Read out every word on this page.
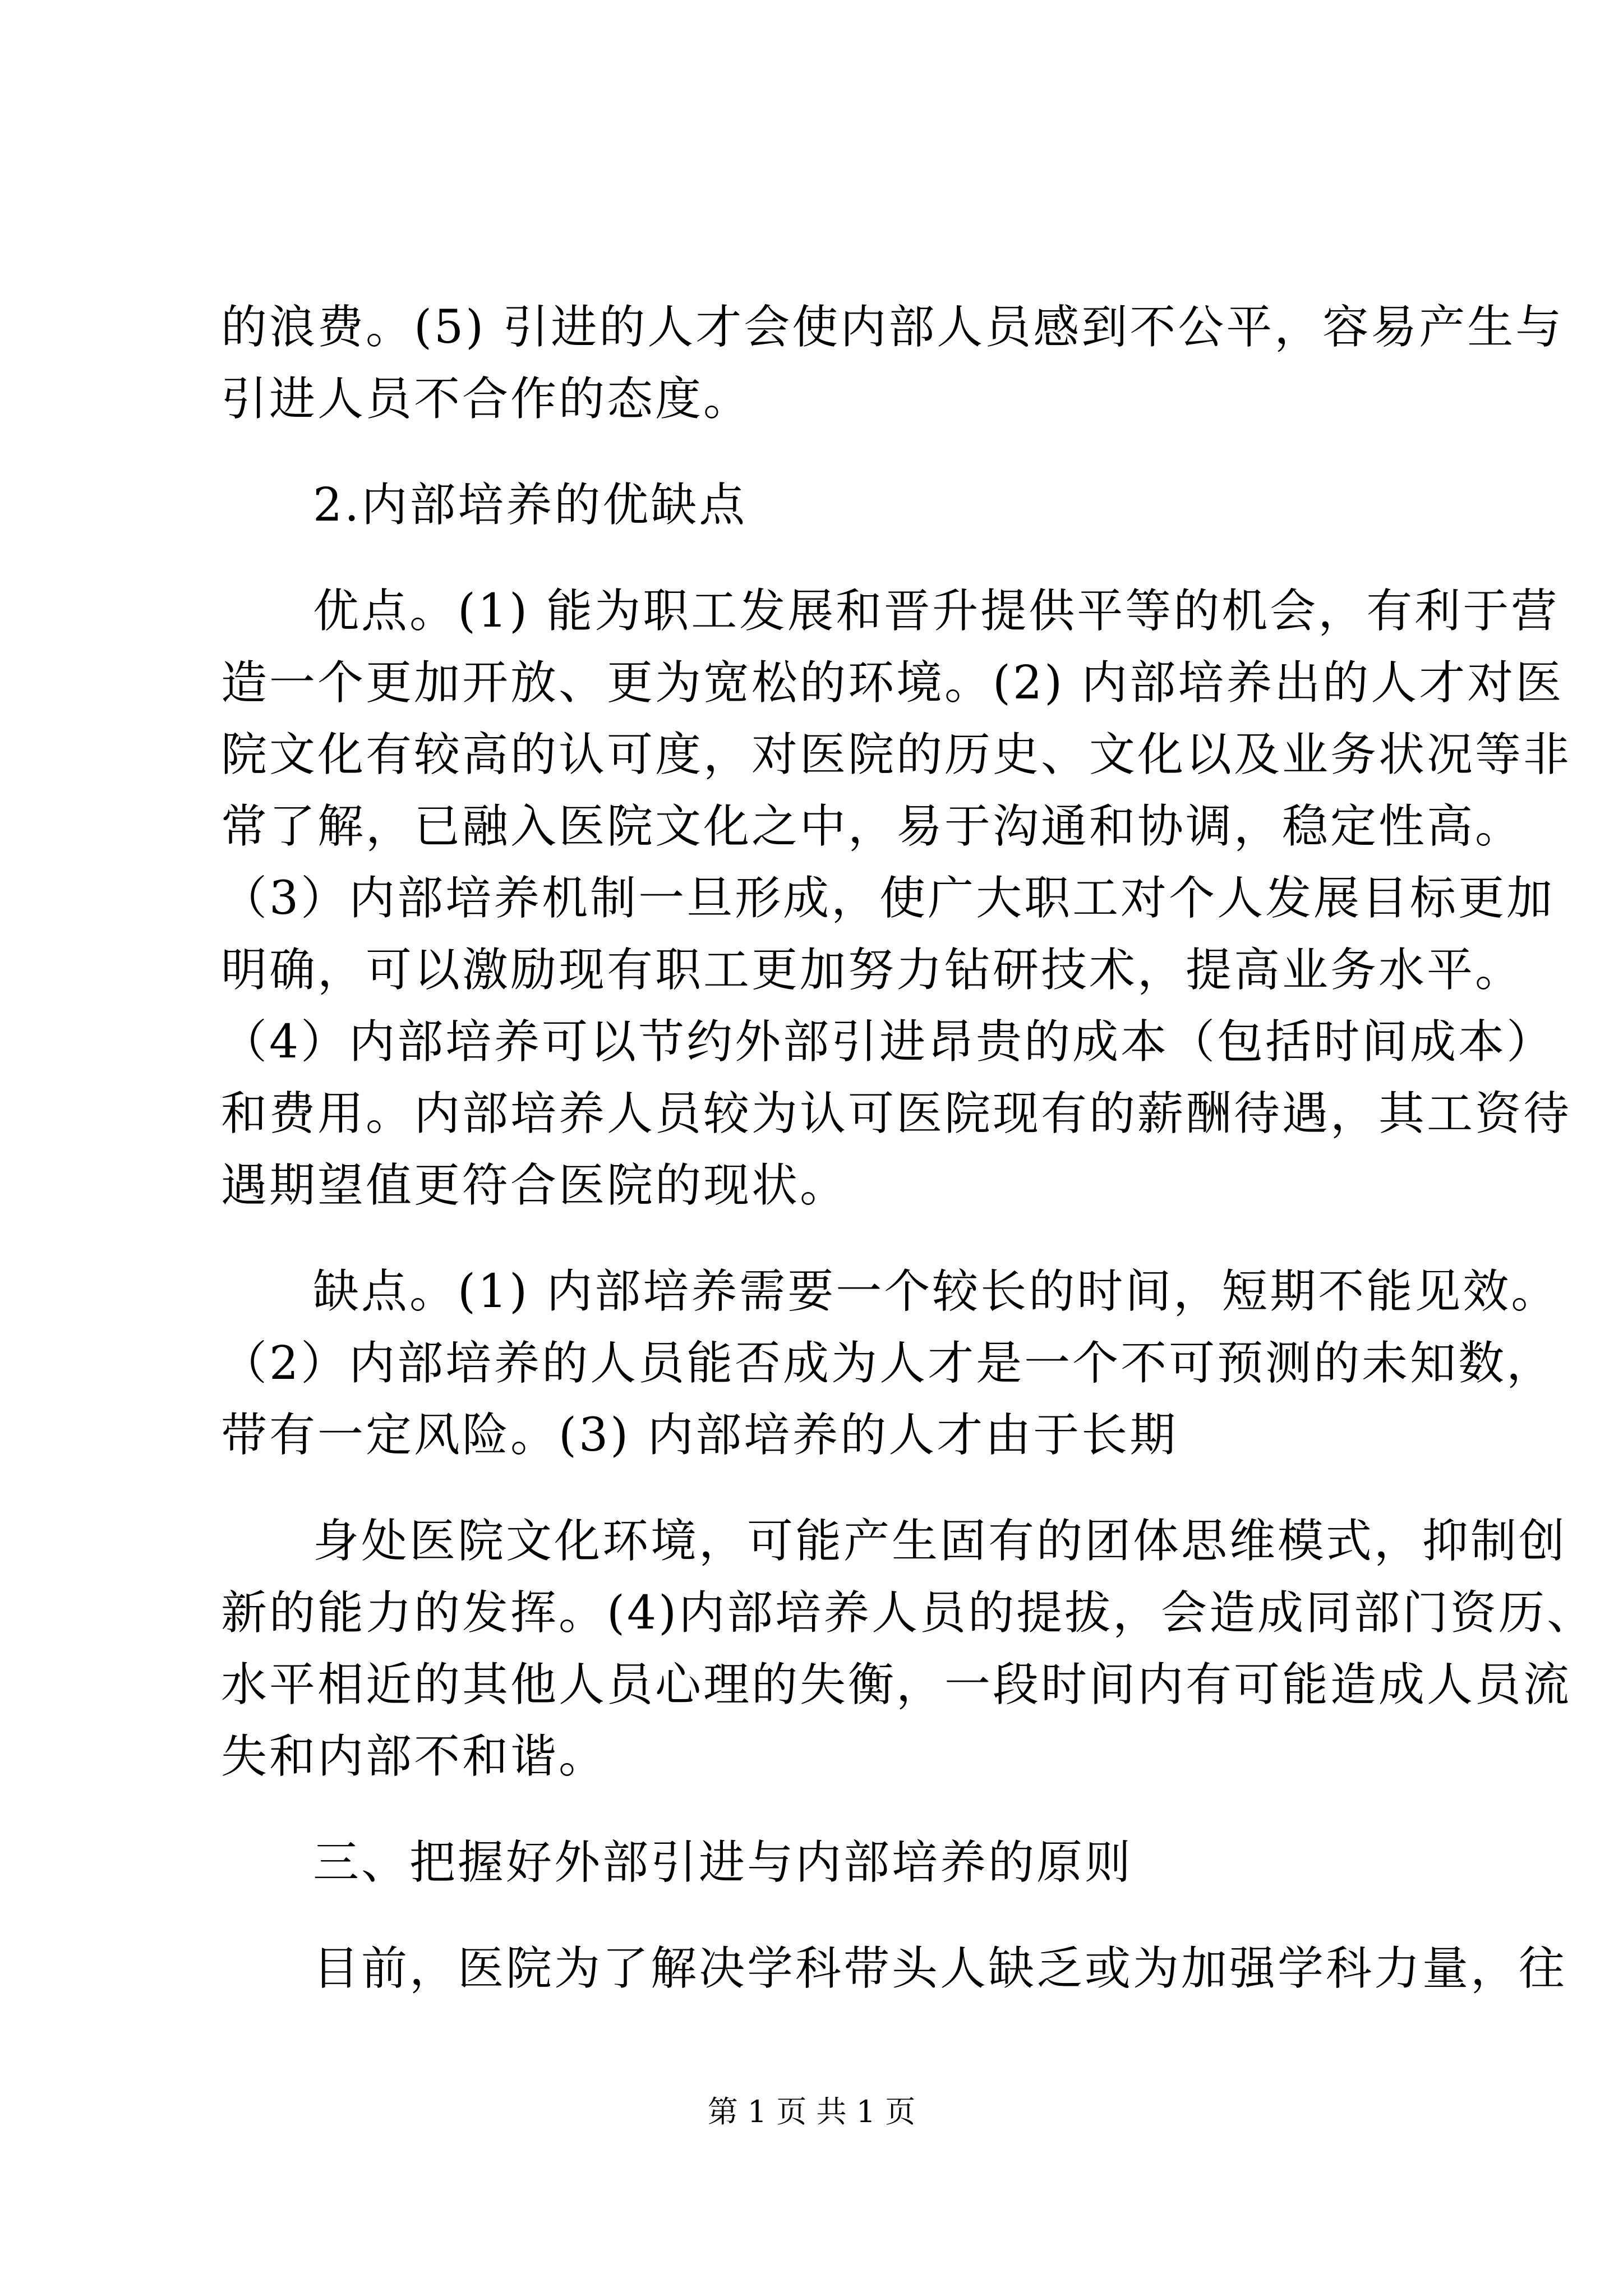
的浪费。(5) 引进的人才会使内部人员感到不公平，容易产生与
引进人员不合作的态度。
2.内部培养的优缺点
优点。(1) 能为职工发展和晋升提供平等的机会，有利于营
造一个更加开放、更为宽松的环境。(2) 内部培养出的人才对医
院文化有较高的认可度，对医院的历史、文化以及业务状况等非
常了解，已融入医院文化之中，易于沟通和协调，稳定性高。
（3）内部培养机制一旦形成，使广大职工对个人发展目标更加
明确，可以激励现有职工更加努力钻研技术，提高业务水平。
（4）内部培养可以节约外部引进昂贵的成本（包括时间成本）
和费用。内部培养人员较为认可医院现有的薪酬待遇，其工资待
遇期望值更符合医院的现状。
缺点。(1) 内部培养需要一个较长的时间，短期不能见效。
（2）内部培养的人员能否成为人才是一个不可预测的未知数，
带有一定风险。(3) 内部培养的人才由于长期
身处医院文化环境，可能产生固有的团体思维模式，抑制创
新的能力的发挥。(4)内部培养人员的提拔，会造成同部门资历、
水平相近的其他人员心理的失衡，一段时间内有可能造成人员流
失和内部不和谐。
三、把握好外部引进与内部培养的原则
目前，医院为了解决学科带头人缺乏或为加强学科力量，往
第 1 页 共 1 页
